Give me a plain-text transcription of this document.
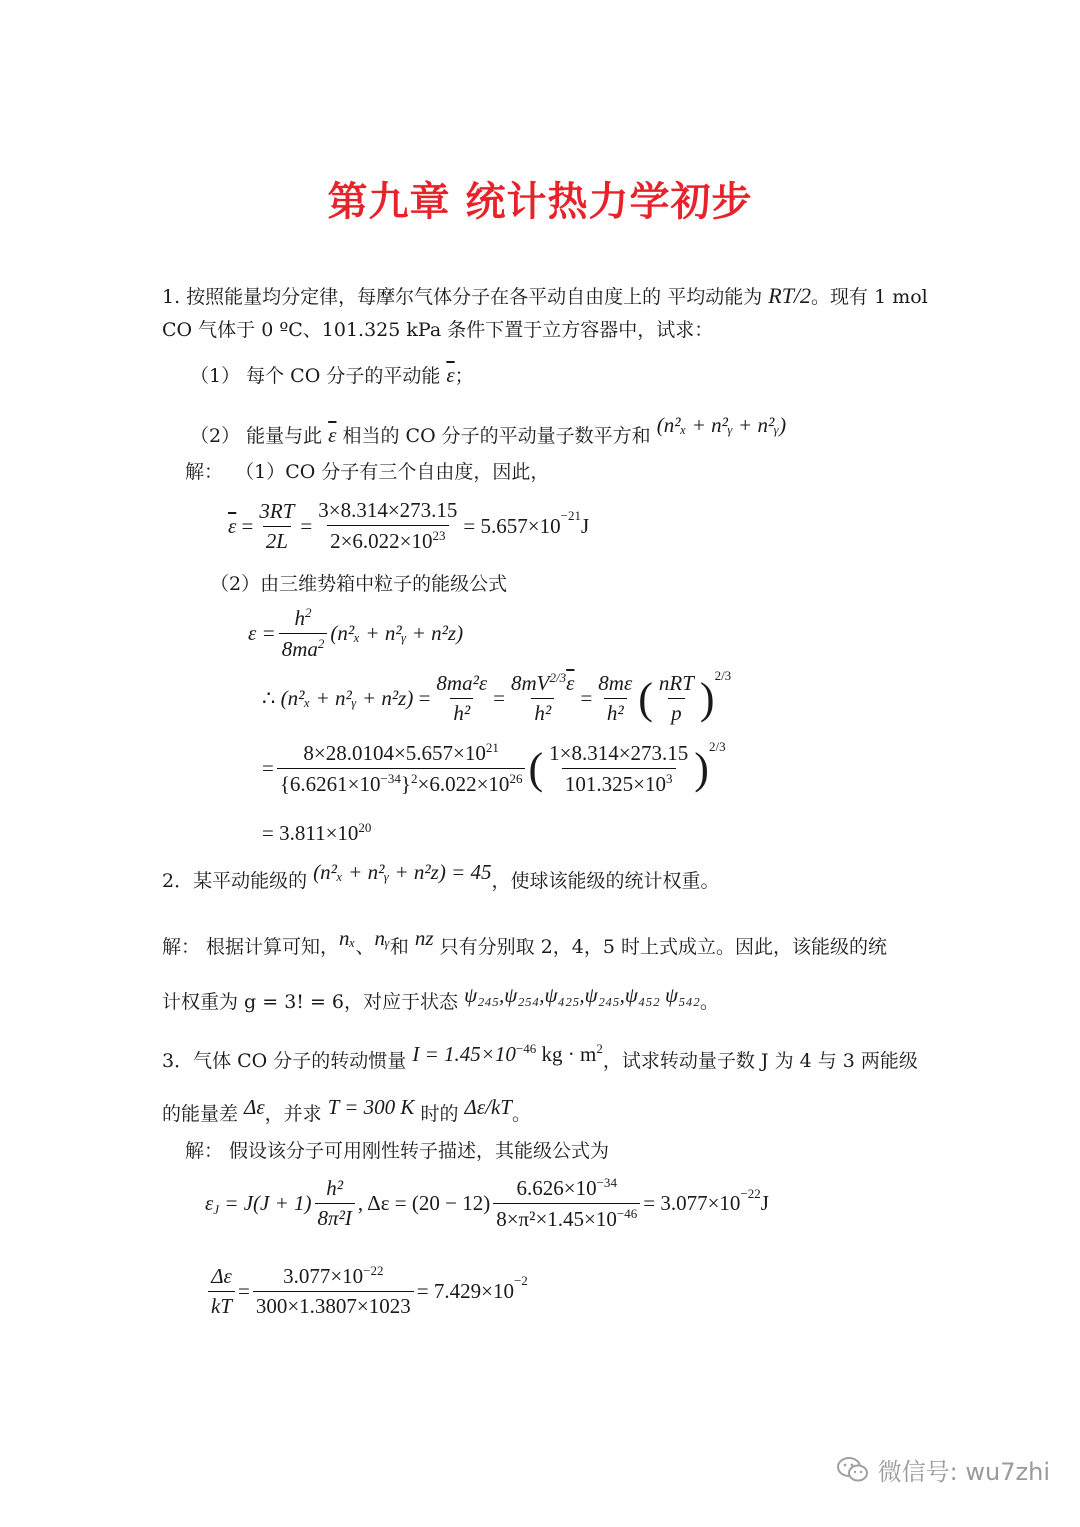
第九章 统计热力学初步
1. 按照能量均分定律，每摩尔气体分子在各平动自由度上的 平均动能为 RT/2。现有 1 mol
CO 气体于 0 ºC、101.325 kPa 条件下置于立方容器中，试求：
（1） 每个 CO 分子的平动能 $\overline{\varepsilon}$；
（2） 能量与此 $\overline{\varepsilon}$ 相当的 CO 分子的平动量子数平方和 (n²ₓ + n²ᵧ + n²ᵧ)
解： （1）CO 分子有三个自由度，因此，
$\overline{\varepsilon} = \frac{3RT}{2L} = \frac{3\times 8.314\times 273.15}{2\times 6.022\times 10^{23}} = 5.657\times 10^{-21}$ J
（2）由三维势箱中粒子的能级公式
$\varepsilon = \frac{h^2}{8ma^2} (n^2_x$ + n²ᵧ + n²z)
∴
(n²ₓ + n²ᵧ + $n^2z) = \frac{\text{8ma²ε}}{\text{h²}} = \frac{8mV^{2/3}\overline{\varepsilon}}{\text{h²}} = \frac{8m\varepsilon}{\text{h²}}$ ( $\frac{\text{nRT}}{p} )^{2/3}$
= $\frac{8\times 28.0104\times 5.657\times 10^{21}}{\{6.6261\times 10^{-34}\}^2\times 6.022\times 10^{26}}$ ( $\frac{1\times 8.314\times 273.15}{101.325\times 10^3} )^{2/3}$
= $3.811\times 10^{20}$
2．某平动能级的 (n²ₓ + n²ᵧ + n²z) = 45，使球该能级的统计权重。
解： 根据计算可知，nₓ、nᵧ和 nz 只有分别取 2，4，5 时上式成立。因此，该能级的统
计权重为 g = 3! = 6，对应于状态 ψ₂₄₅,ψ₂₅₄,ψ₄₂₅,ψ₂₄₅,ψ₄₅₂ ψ₅₄₂。
3．气体 CO 分子的转动惯量 $I = 1.45\times 10^{-46}$ kg · $m^2$，试求转动量子数 J 为 4 与 3 两能级
的能量差 Δε，并求 T = 300 K 时的 Δε/kT。
解： 假设该分子可用刚性转子描述，其能级公式为
$\varepsilon_J$
= $J(J + 1) \frac{\text{h²}}{\text{8π²I}}$ , $\Delta\varepsilon = (20 - 12) \frac{6.626\times 10^{-34}}{8\times\pi^2\times 1.45\times 10^{-46}} = 3.077\times 10^{-22}$ J
$\frac{\Delta\varepsilon}{kT} = \frac{3.077\times 10^{-22}}{300\times 1.3807\times 1023} = 7.429\times 10^{-2}$
微信号: wu7zhi
